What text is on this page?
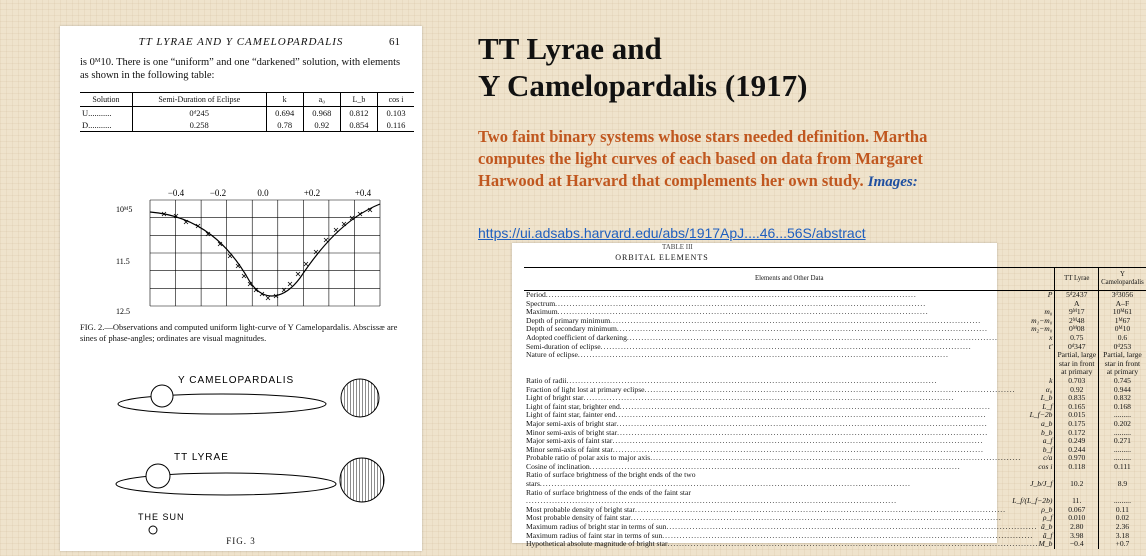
TT LYRAE AND Y CAMELOPARDALIS	61
is 0ᴹ10. There is one “uniform” and one “darkened” solution, with elements as shown in the following table:
Solution	Semi-Duration of Eclipse	k	a₀	L_b	cos i
U...........	0ᵈ245	0.694	0.968	0.812	0.103
D...........	0.258	0.78	0.92	0.854	0.116
−0.4	−0.2	0.0	+0.2	+0.4
10ᴹ5
11.5
12.5
FIG. 2.—Observations and computed uniform light-curve of Y Camelopardalis. Abscissæ are sines of phase-angles; ordinates are visual magnitudes.
Y CAMELOPARDALIS
TT LYRAE
THE SUN
FIG. 3
TT Lyrae and
Y Camelopardalis (1917)
Two faint binary systems whose stars needed definition. Martha computes the light curves of each based on data from Margaret Harwood at Harvard that complements her own study. Images:
https://ui.adsabs.harvard.edu/abs/1917ApJ....46...56S/abstract
TABLE III
ORBITAL ELEMENTS
Elements and Other Data	TT Lyrae	Y Camelopardalis

Period ..... P	5ᵈ2437	3ᵈ3056

Spectrum
.....	A	A–F

Maximum ..... m₀	9ᴹ17	10ᴹ61

Depth of primary minimum ..... m₁−m₀	2ᴹ48	1ᴹ67

Depth of secondary minimum ..... m₂−m₀	0ᴹ08	0ᴹ10

Adopted coefficient of darkening ..... x	0.75	0.6

Semi-duration of eclipse ..... t'	0ᵈ347	0ᵈ253

Nature of eclipse
.....	Partial, large	Partial, large

	star in front	star in front

	at primary	at primary

Ratio of radii ..... k	0.703	0.745

Fraction of light lost at primary eclipse ..... α₀	0.92	0.944

Light of bright star ..... L_b	0.835	0.832

Light of faint star, brighter end ..... L_f	0.165	0.168

Light of faint star, fainter end ..... L_f−2b	0.015	.........

Major semi-axis of bright star ..... a_b	0.175	0.202

Minor semi-axis of bright star ..... b_b	0.172	.........

Major semi-axis of faint star ..... a_f	0.249	0.271

Minor semi-axis of faint star ..... b_f	0.244	.........

Probable ratio of polar axis to major axis ..... c/a	0.970	.........

Cosine of inclination ..... cos i	0.118	0.111

Ratio of surface brightness of the bright ends of the two		

stars ..... J_b/J_f	10.2	8.9

Ratio of surface brightness of the ends of the faint star		

.....
L_f/(L_f−2b)	11.	.........

Most probable density of bright star ..... ρ_b	0.067	0.11

Most probable density of faint star ..... ρ_f	0.010	0.02

Maximum radius of bright star in terms of sun ..... ā_b	2.80	2.36

Maximum radius of faint star in terms of sun ..... ā_f	3.98	3.18

Hypothetical absolute magnitude of bright star ..... M_b	−0.4	+0.7
